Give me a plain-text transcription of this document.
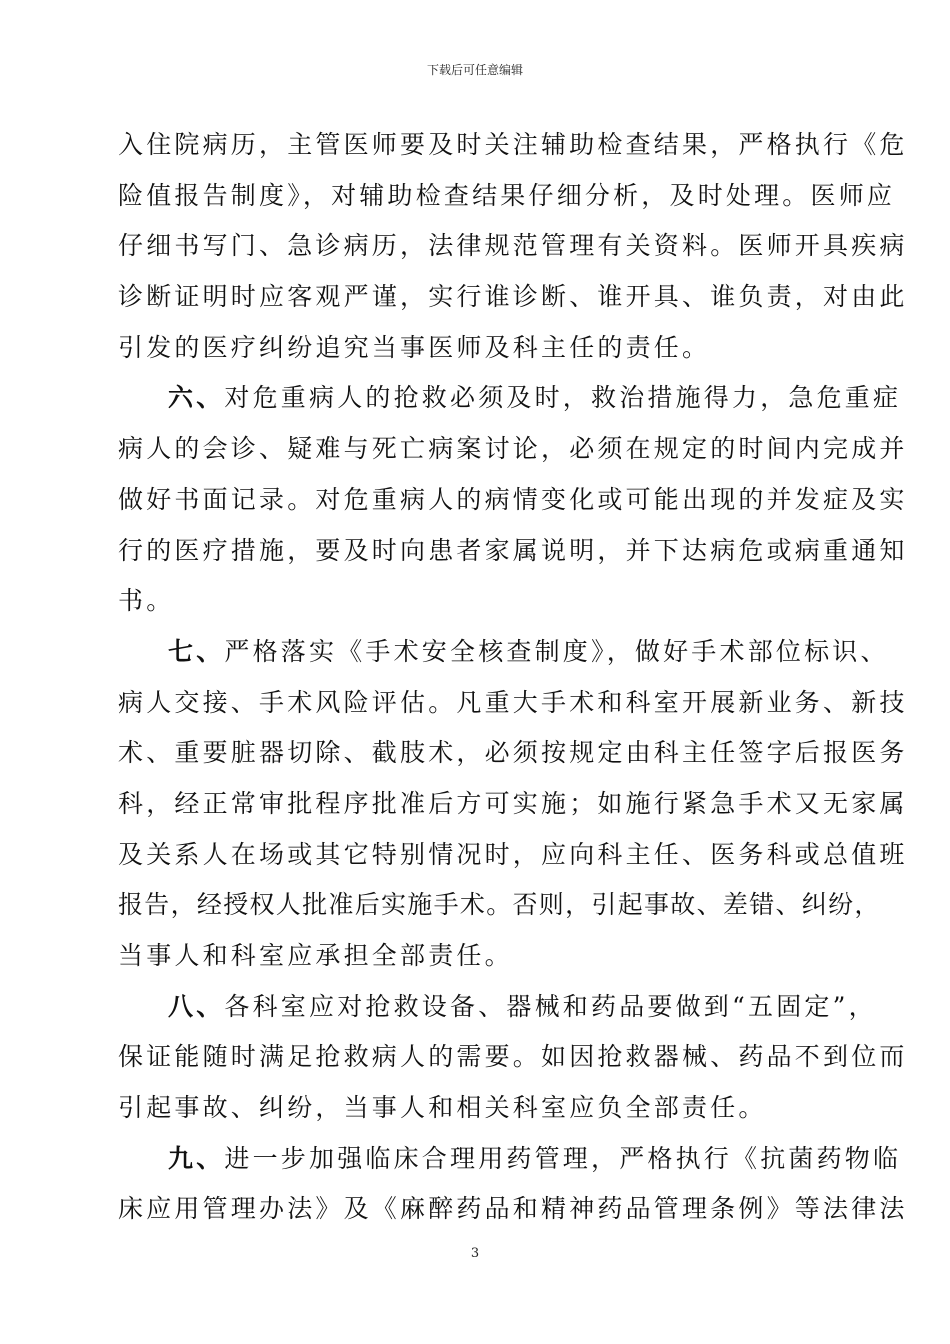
下载后可任意编辑
入住院病历，主管医师要及时关注辅助检查结果，严格执行《危
险值报告制度》，对辅助检查结果仔细分析，及时处理。医师应
仔细书写门、急诊病历，法律规范管理有关资料。医师开具疾病
诊断证明时应客观严谨，实行谁诊断、谁开具、谁负责，对由此
引发的医疗纠纷追究当事医师及科主任的责任。
六、对危重病人的抢救必须及时，救治措施得力，急危重症
病人的会诊、疑难与死亡病案讨论，必须在规定的时间内完成并
做好书面记录。对危重病人的病情变化或可能出现的并发症及实
行的医疗措施，要及时向患者家属说明，并下达病危或病重通知
书。
七、严格落实《手术安全核查制度》，做好手术部位标识、
病人交接、手术风险评估。凡重大手术和科室开展新业务、新技
术、重要脏器切除、截肢术，必须按规定由科主任签字后报医务
科，经正常审批程序批准后方可实施；如施行紧急手术又无家属
及关系人在场或其它特别情况时，应向科主任、医务科或总值班
报告，经授权人批准后实施手术。否则，引起事故、差错、纠纷，
当事人和科室应承担全部责任。
八、各科室应对抢救设备、器械和药品要做到“五固定”，
保证能随时满足抢救病人的需要。如因抢救器械、药品不到位而
引起事故、纠纷，当事人和相关科室应负全部责任。
九、进一步加强临床合理用药管理，严格执行《抗菌药物临
床应用管理办法》及《麻醉药品和精神药品管理条例》等法律法
3
